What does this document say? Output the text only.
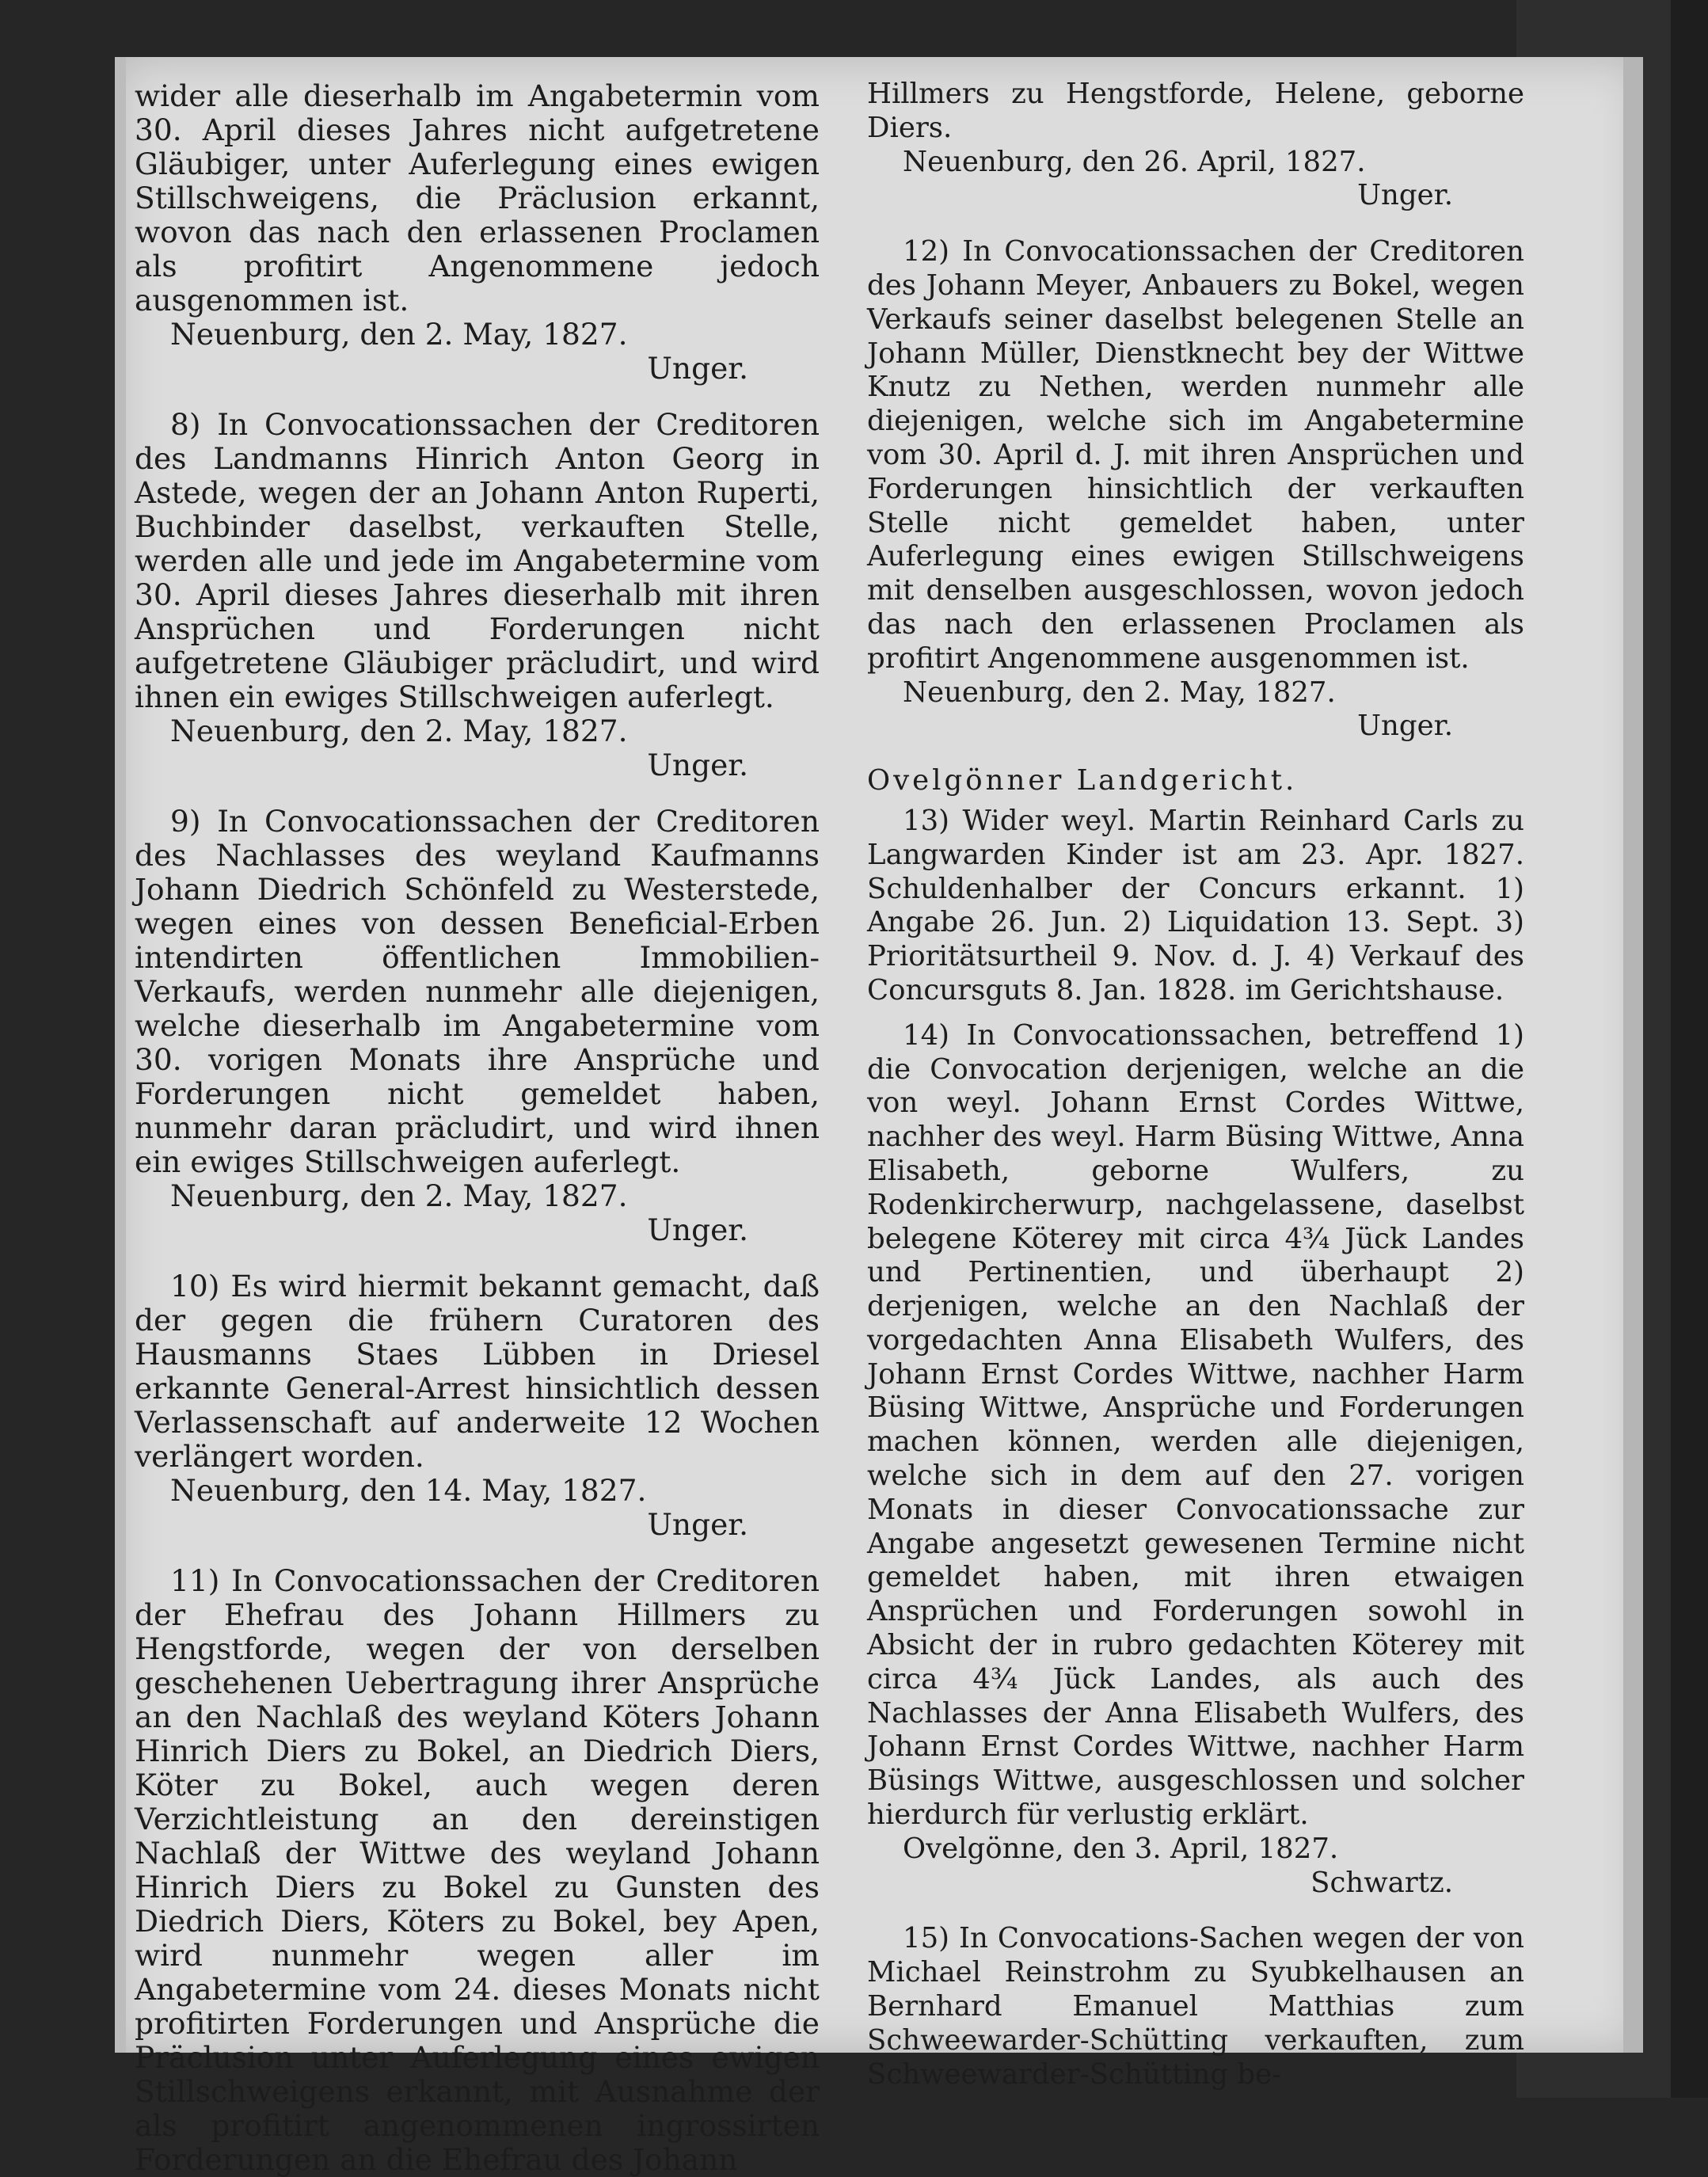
wider alle dieserhalb im Angabetermin vom 30. April dieses Jahres nicht aufgetretene Gläubiger, unter Auferlegung eines ewigen Stillschweigens, die Präclusion erkannt, wovon das nach den erlassenen Proclamen als profitirt Angenommene jedoch ausgenommen ist.

Neuenburg, den 2. May, 1827.

Unger.

8) In Convocationssachen der Creditoren des Landmanns Hinrich Anton Georg in Astede, wegen der an Johann Anton Ruperti, Buchbinder daselbst, verkauften Stelle, werden alle und jede im Angabetermine vom 30. April dieses Jahres dieserhalb mit ihren Ansprüchen und Forderungen nicht aufgetretene Gläubiger präcludirt, und wird ihnen ein ewiges Stillschweigen auferlegt.

Neuenburg, den 2. May, 1827.

Unger.

9) In Convocationssachen der Creditoren des Nachlasses des weyland Kaufmanns Johann Diedrich Schönfeld zu Westerstede, wegen eines von dessen Beneficial-Erben intendirten öffentlichen Immobilien-Verkaufs, werden nunmehr alle diejenigen, welche dieserhalb im Angabetermine vom 30. vorigen Monats ihre Ansprüche und Forderungen nicht gemeldet haben, nunmehr daran präcludirt, und wird ihnen ein ewiges Stillschweigen auferlegt.

Neuenburg, den 2. May, 1827.

Unger.

10) Es wird hiermit bekannt gemacht, daß der gegen die frühern Curatoren des Hausmanns Staes Lübben in Driesel erkannte General-Arrest hinsichtlich dessen Verlassenschaft auf anderweite 12 Wochen verlängert worden.

Neuenburg, den 14. May, 1827.

Unger.

11) In Convocationssachen der Creditoren der Ehefrau des Johann Hillmers zu Hengstforde, wegen der von derselben geschehenen Uebertragung ihrer Ansprüche an den Nachlaß des weyland Köters Johann Hinrich Diers zu Bokel, an Diedrich Diers, Köter zu Bokel, auch wegen deren Verzichtleistung an den dereinstigen Nachlaß der Wittwe des weyland Johann Hinrich Diers zu Bokel zu Gunsten des Diedrich Diers, Köters zu Bokel, bey Apen, wird nunmehr wegen aller im Angabetermine vom 24. dieses Monats nicht profitirten Forderungen und Ansprüche die Präclusion unter Auferlegung eines ewigen Stillschweigens erkannt, mit Ausnahme der als profitirt angenommenen ingrossirten Forderungen an die Ehefrau des Johann

Hillmers zu Hengstforde, Helene, geborne Diers.

Neuenburg, den 26. April, 1827.

Unger.

12) In Convocationssachen der Creditoren des Johann Meyer, Anbauers zu Bokel, wegen Verkaufs seiner daselbst belegenen Stelle an Johann Müller, Dienstknecht bey der Wittwe Knutz zu Nethen, werden nunmehr alle diejenigen, welche sich im Angabetermine vom 30. April d. J. mit ihren Ansprüchen und Forderungen hinsichtlich der verkauften Stelle nicht gemeldet haben, unter Auferlegung eines ewigen Stillschweigens mit denselben ausgeschlossen, wovon jedoch das nach den erlassenen Proclamen als profitirt Angenommene ausgenommen ist.

Neuenburg, den 2. May, 1827.

Unger.

Ovelgönner Landgericht.

13) Wider weyl. Martin Reinhard Carls zu Langwarden Kinder ist am 23. Apr. 1827. Schuldenhalber der Concurs erkannt. 1) Angabe 26. Jun. 2) Liquidation 13. Sept. 3) Prioritätsurtheil 9. Nov. d. J. 4) Verkauf des Concursguts 8. Jan. 1828. im Gerichtshause.

14) In Convocationssachen, betreffend 1) die Convocation derjenigen, welche an die von weyl. Johann Ernst Cordes Wittwe, nachher des weyl. Harm Büsing Wittwe, Anna Elisabeth, geborne Wulfers, zu Rodenkircherwurp, nachgelassene, daselbst belegene Köterey mit circa 4¾ Jück Landes und Pertinentien, und überhaupt 2) derjenigen, welche an den Nachlaß der vorgedachten Anna Elisabeth Wulfers, des Johann Ernst Cordes Wittwe, nachher Harm Büsing Wittwe, Ansprüche und Forderungen machen können, werden alle diejenigen, welche sich in dem auf den 27. vorigen Monats in dieser Convocationssache zur Angabe angesetzt gewesenen Termine nicht gemeldet haben, mit ihren etwaigen Ansprüchen und Forderungen sowohl in Absicht der in rubro gedachten Köterey mit circa 4¾ Jück Landes, als auch des Nachlasses der Anna Elisabeth Wulfers, des Johann Ernst Cordes Wittwe, nachher Harm Büsings Wittwe, ausgeschlossen und solcher hierdurch für verlustig erklärt.

Ovelgönne, den 3. April, 1827.

Schwartz.

15) In Convocations-Sachen wegen der von Michael Reinstrohm zu Syubkelhausen an Bernhard Emanuel Matthias zum Schweewarder-Schütting verkauften, zum Schweewarder-Schütting be-
